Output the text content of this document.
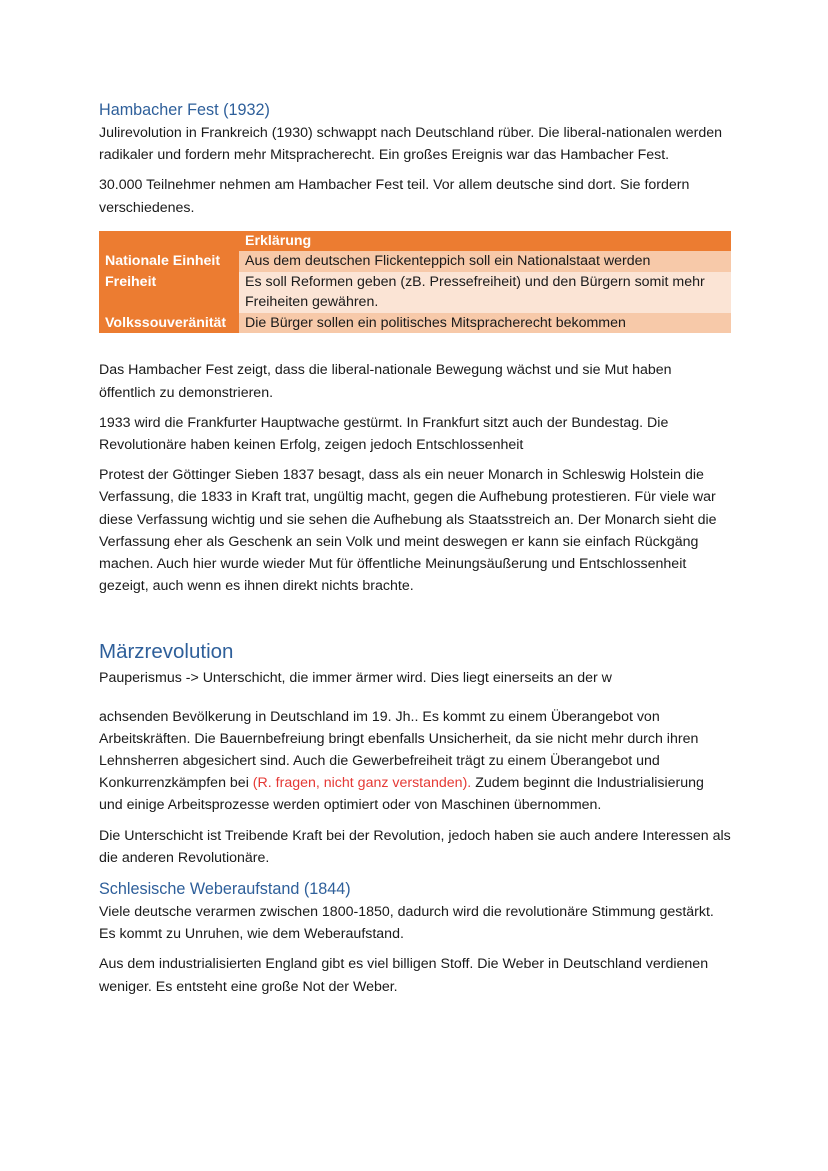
Hambacher Fest (1932)

Julirevolution in Frankreich (1930) schwappt nach Deutschland rüber. Die liberal-nationalen werden radikaler und fordern mehr Mitspracherecht. Ein großes Ereignis war das Hambacher Fest.

30.000 Teilnehmer nehmen am Hambacher Fest teil. Vor allem deutsche sind dort. Sie fordern verschiedenes.

	Erklärung
Nationale Einheit	Aus dem deutschen Flickenteppich soll ein Nationalstaat werden
Freiheit	Es soll Reformen geben (zB. Pressefreiheit) und den Bürgern somit mehr Freiheiten gewähren.
Volkssouveränität	Die Bürger sollen ein politisches Mitspracherecht bekommen

Das Hambacher Fest zeigt, dass die liberal-nationale Bewegung wächst und sie Mut haben öffentlich zu demonstrieren.

1933 wird die Frankfurter Hauptwache gestürmt. In Frankfurt sitzt auch der Bundestag. Die Revolutionäre haben keinen Erfolg, zeigen jedoch Entschlossenheit

Protest der Göttinger Sieben 1837 besagt, dass als ein neuer Monarch in Schleswig Holstein die Verfassung, die 1833 in Kraft trat, ungültig macht, gegen die Aufhebung protestieren. Für viele war diese Verfassung wichtig und sie sehen die Aufhebung als Staatsstreich an. Der Monarch sieht die Verfassung eher als Geschenk an sein Volk und meint deswegen er kann sie einfach Rückgäng machen. Auch hier wurde wieder Mut für öffentliche Meinungsäußerung und Entschlossenheit gezeigt, auch wenn es ihnen direkt nichts brachte.

Märzrevolution

Pauperismus -> Unterschicht, die immer ärmer wird. Dies liegt einerseits an der w

achsenden Bevölkerung in Deutschland im 19. Jh.. Es kommt zu einem Überangebot von Arbeitskräften. Die Bauernbefreiung bringt ebenfalls Unsicherheit, da sie nicht mehr durch ihren Lehnsherren abgesichert sind. Auch die Gewerbefreiheit trägt zu einem Überangebot und Konkurrenzkämpfen bei (R. fragen, nicht ganz verstanden). Zudem beginnt die Industrialisierung und einige Arbeitsprozesse werden optimiert oder von Maschinen übernommen.

Die Unterschicht ist Treibende Kraft bei der Revolution, jedoch haben sie auch andere Interessen als die anderen Revolutionäre.

Schlesische Weberaufstand (1844)

Viele deutsche verarmen zwischen 1800-1850, dadurch wird die revolutionäre Stimmung gestärkt. Es kommt zu Unruhen, wie dem Weberaufstand.

Aus dem industrialisierten England gibt es viel billigen Stoff. Die Weber in Deutschland verdienen weniger. Es entsteht eine große Not der Weber.
